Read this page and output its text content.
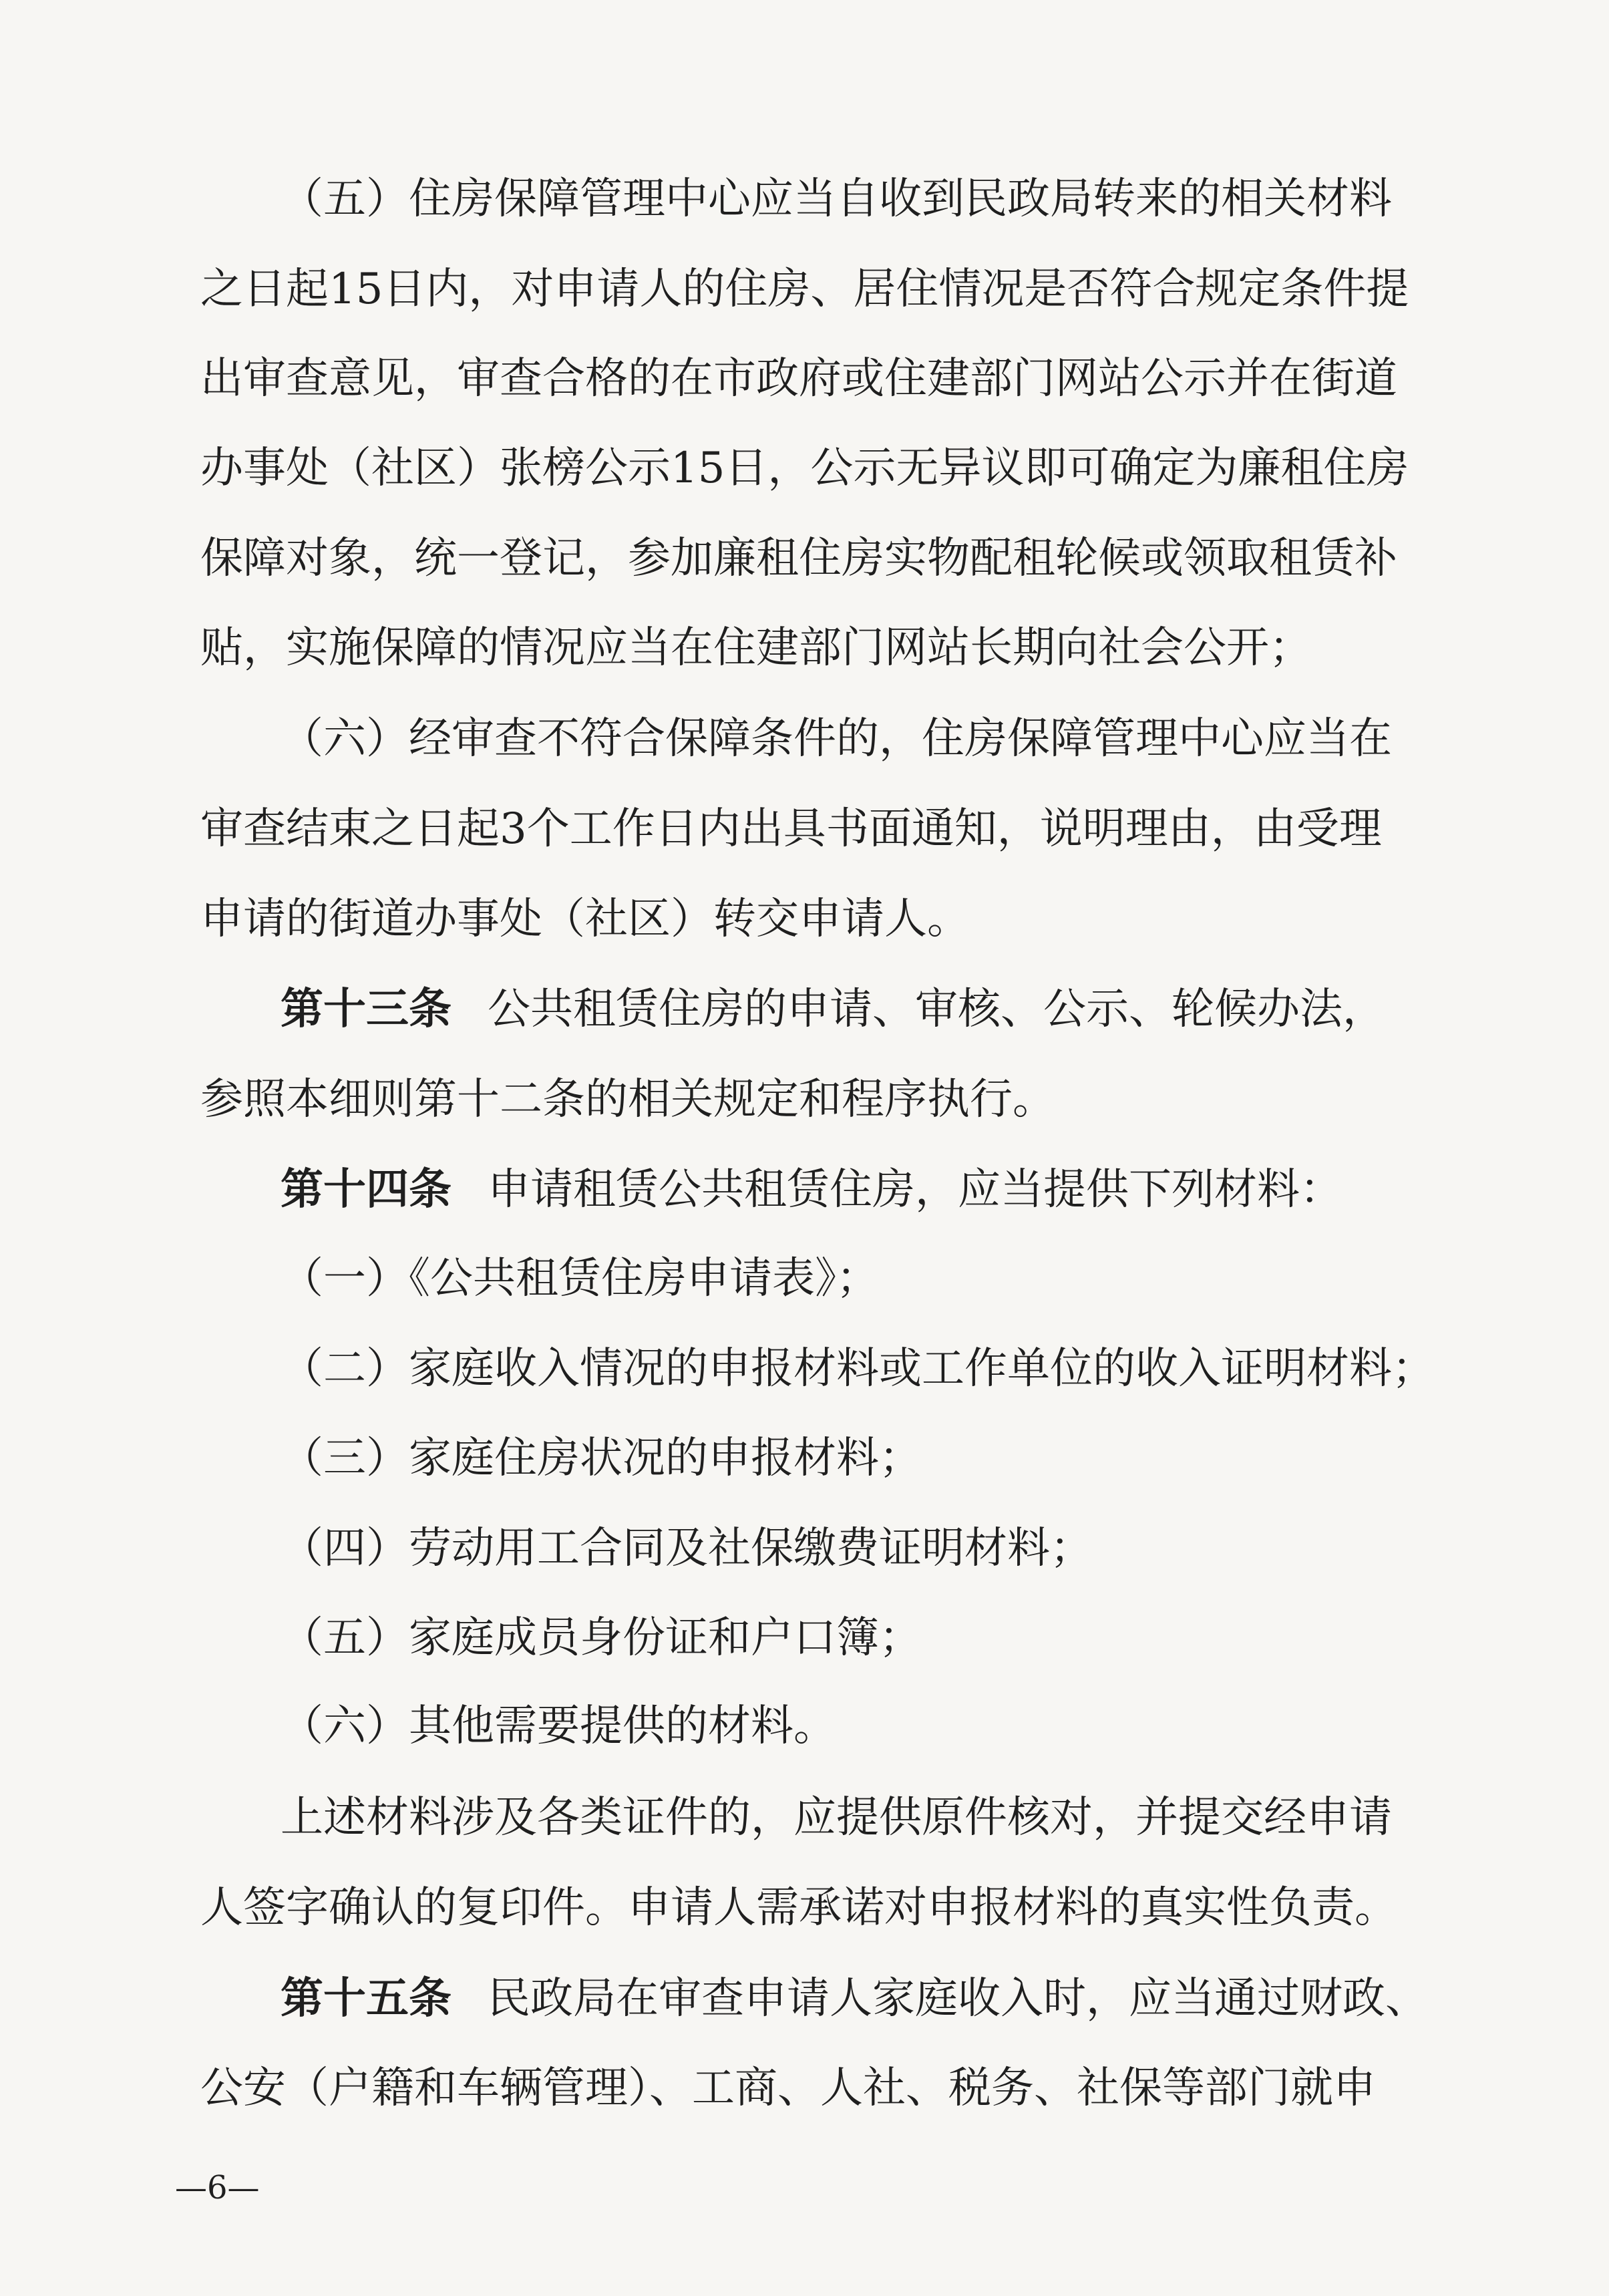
（五）住房保障管理中心应当自收到民政局转来的相关材料
之日起15日内，对申请人的住房、居住情况是否符合规定条件提
出审查意见，审查合格的在市政府或住建部门网站公示并在街道
办事处（社区）张榜公示15日，公示无异议即可确定为廉租住房
保障对象，统一登记，参加廉租住房实物配租轮候或领取租赁补
贴，实施保障的情况应当在住建部门网站长期向社会公开；
（六）经审查不符合保障条件的，住房保障管理中心应当在
审查结束之日起3个工作日内出具书面通知，说明理由，由受理
申请的街道办事处（社区）转交申请人。
第十三条 公共租赁住房的申请、审核、公示、轮候办法，
参照本细则第十二条的相关规定和程序执行。
第十四条 申请租赁公共租赁住房，应当提供下列材料：
（一）《公共租赁住房申请表》；
（二）家庭收入情况的申报材料或工作单位的收入证明材料；
（三）家庭住房状况的申报材料；
（四）劳动用工合同及社保缴费证明材料；
（五）家庭成员身份证和户口簿；
（六）其他需要提供的材料。
上述材料涉及各类证件的，应提供原件核对，并提交经申请
人签字确认的复印件。申请人需承诺对申报材料的真实性负责。
第十五条 民政局在审查申请人家庭收入时，应当通过财政、
公安（户籍和车辆管理）、工商、人社、税务、社保等部门就申
—6—
